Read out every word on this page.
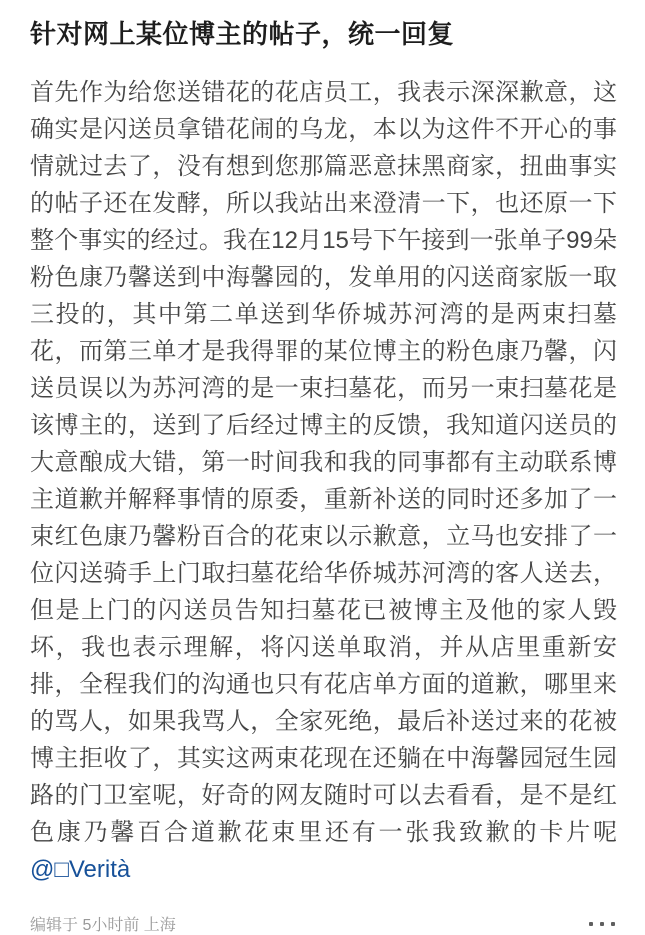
针对网上某位博主的帖子，统一回复

首先作为给您送错花的花店员工，我表示深深歉意，这确实是闪送员拿错花闹的乌龙，本以为这件不开心的事情就过去了，没有想到您那篇恶意抹黑商家，扭曲事实的帖子还在发酵，所以我站出来澄清一下，也还原一下整个事实的经过。我在12月15号下午接到一张单子99朵粉色康乃馨送到中海馨园的，发单用的闪送商家版一取三投的，其中第二单送到华侨城苏河湾的是两束扫墓花，而第三单才是我得罪的某位博主的粉色康乃馨，闪送员误以为苏河湾的是一束扫墓花，而另一束扫墓花是该博主的，送到了后经过博主的反馈，我知道闪送员的大意酿成大错，第一时间我和我的同事都有主动联系博主道歉并解释事情的原委，重新补送的同时还多加了一束红色康乃馨粉百合的花束以示歉意，立马也安排了一位闪送骑手上门取扫墓花给华侨城苏河湾的客人送去，但是上门的闪送员告知扫墓花已被博主及他的家人毁坏，我也表示理解，将闪送单取消，并从店里重新安排，全程我们的沟通也只有花店单方面的道歉，哪里来的骂人，如果我骂人，全家死绝，最后补送过来的花被博主拒收了，其实这两束花现在还躺在中海馨园冠生园路的门卫室呢，好奇的网友随时可以去看看，是不是红色康乃馨百合道歉花束里还有一张我致歉的卡片呢@□Verità

编辑于 5小时前 上海
